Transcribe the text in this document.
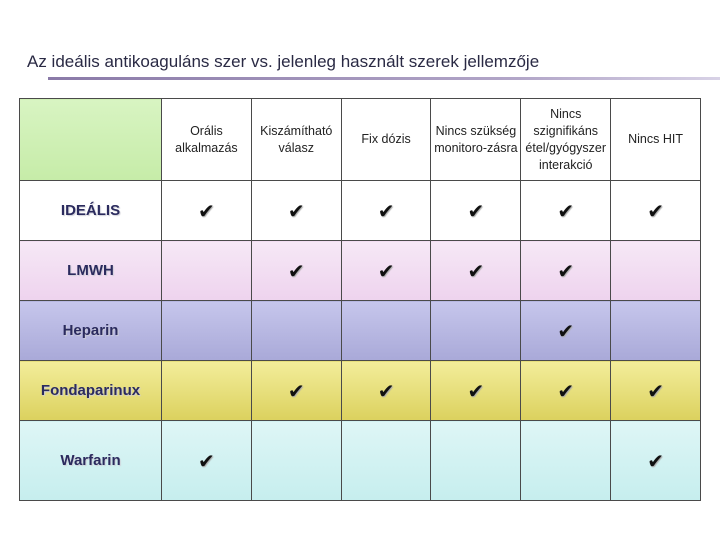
Az ideális antikoaguláns szer vs. jelenleg használt szerek jellemzője
	Orális alkalmazás	Kiszámítható válasz	Fix dózis	Nincs szükség monitoro-zásra	Nincs szignifikáns étel/gyógyszer interakció	Nincs HIT
IDEÁLIS	✔	✔	✔	✔	✔	✔
LMWH		✔	✔	✔	✔	
Heparin					✔	
Fondaparinux		✔	✔	✔	✔	✔
Warfarin	✔					✔
